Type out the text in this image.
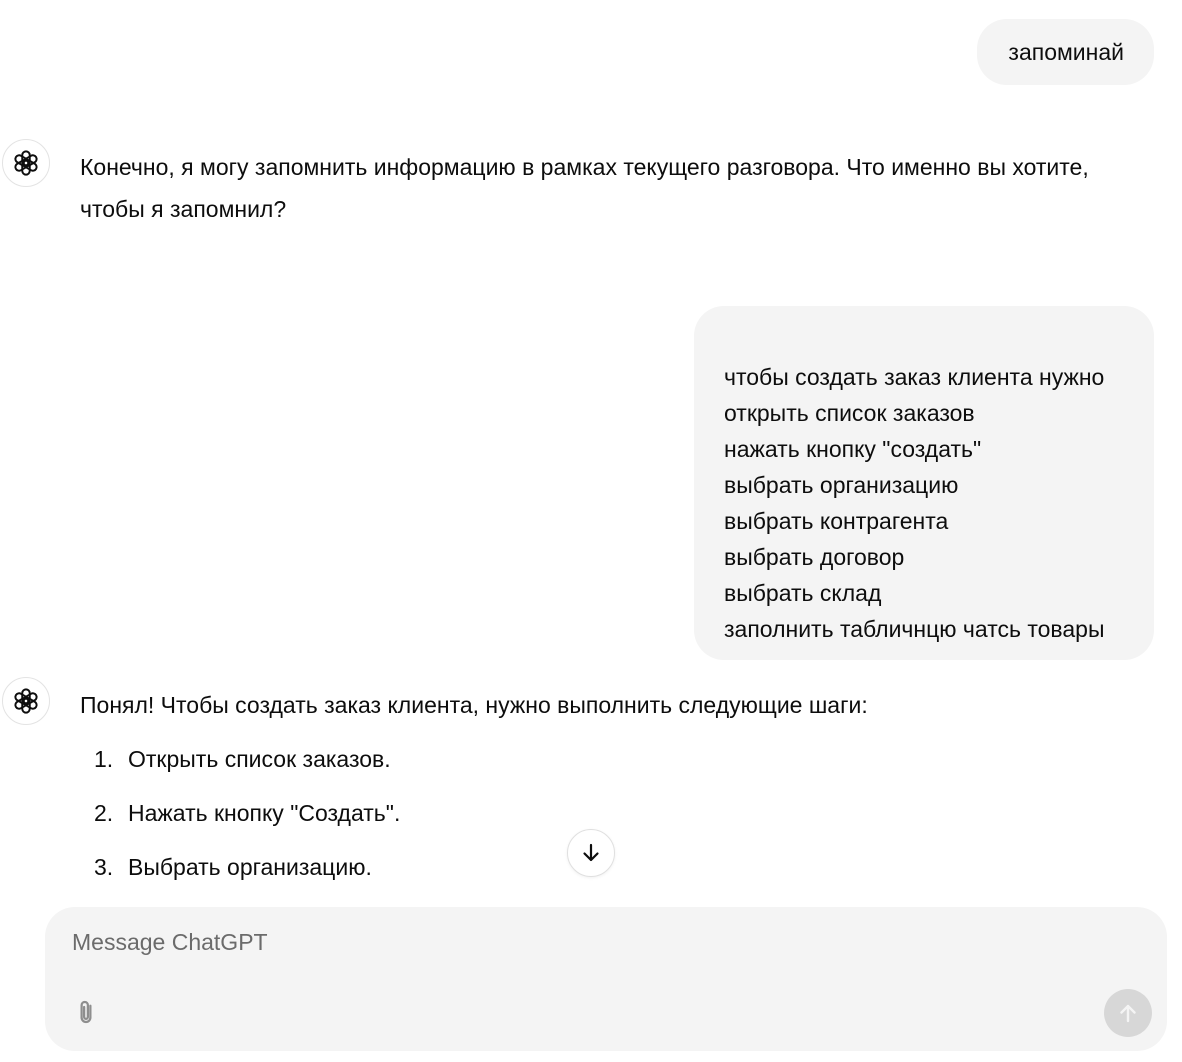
запоминай

Конечно, я могу запомнить информацию в рамках текущего разговора. Что именно вы хотите, чтобы я запомнил?

чтобы создать заказ клиента нужно
открыть список заказов
нажать кнопку "создать"
выбрать организацию
выбрать контрагента
выбрать договор
выбрать склад
заполнить табличнцю чатсь товары

Понял! Чтобы создать заказ клиента, нужно выполнить следующие шаги:

1. Открыть список заказов.
2. Нажать кнопку "Создать".
3. Выбрать организацию.
Message ChatGPT
